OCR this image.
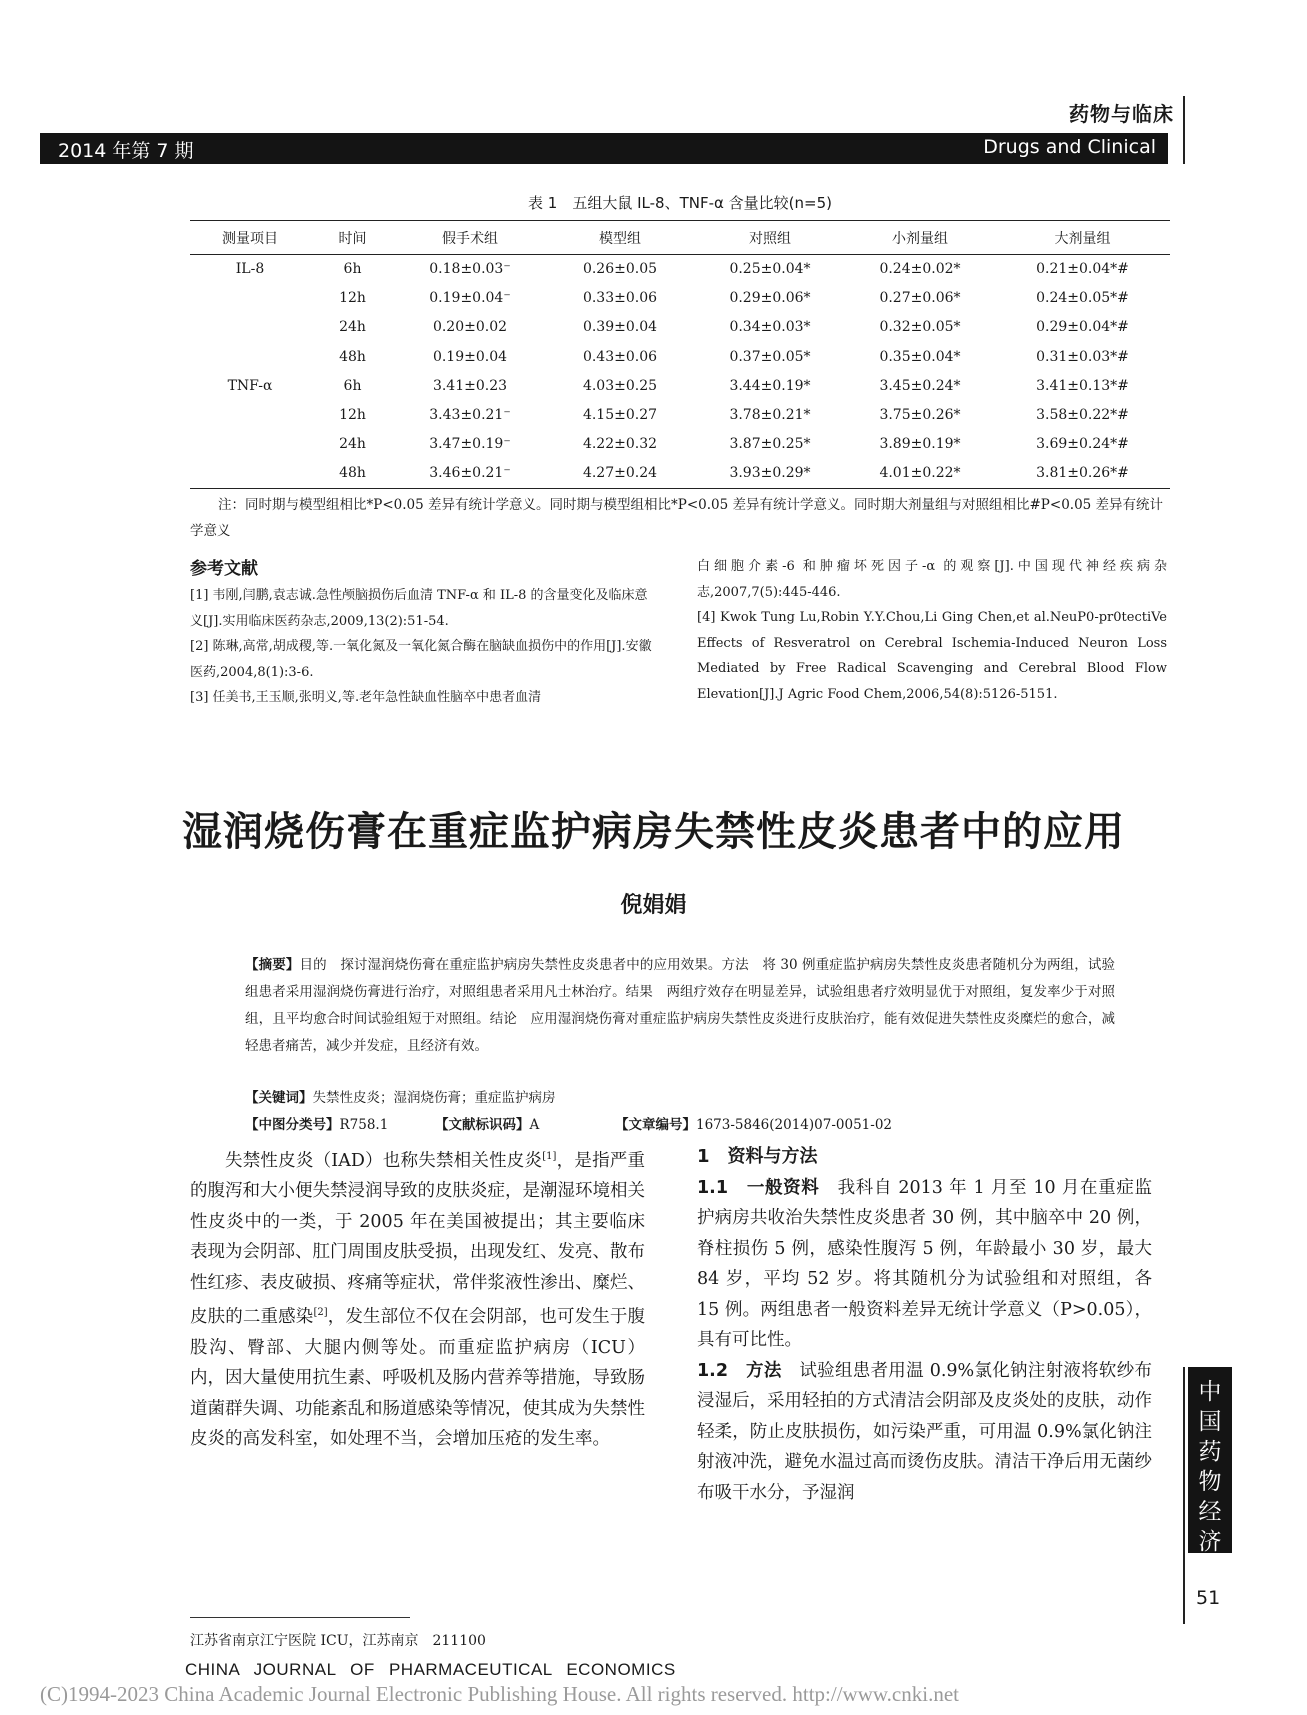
药物与临床
2014 年第 7 期	Drugs and Clinical
表 1　五组大鼠 IL-8、TNF-α 含量比较(n=5)
测量项目	时间	假手术组	模型组	对照组	小剂量组	大剂量组
IL-8	6h	0.18±0.03⁻	0.26±0.05	0.25±0.04*	0.24±0.02*	0.21±0.04*#
	12h	0.19±0.04⁻	0.33±0.06	0.29±0.06*	0.27±0.06*	0.24±0.05*#
	24h	0.20±0.02	0.39±0.04	0.34±0.03*	0.32±0.05*	0.29±0.04*#
	48h	0.19±0.04	0.43±0.06	0.37±0.05*	0.35±0.04*	0.31±0.03*#
TNF-α	6h	3.41±0.23	4.03±0.25	3.44±0.19*	3.45±0.24*	3.41±0.13*#
	12h	3.43±0.21⁻	4.15±0.27	3.78±0.21*	3.75±0.26*	3.58±0.22*#
	24h	3.47±0.19⁻	4.22±0.32	3.87±0.25*	3.89±0.19*	3.69±0.24*#
	48h	3.46±0.21⁻	4.27±0.24	3.93±0.29*	4.01±0.22*	3.81±0.26*#
注：同时期与模型组相比*P<0.05 差异有统计学意义。同时期与模型组相比*P<0.05 差异有统计学意义。同时期大剂量组与对照组相比#P<0.05 差异有统计学意义
参考文献
[1] 韦刚,闫鹏,袁志诚.急性颅脑损伤后血清 TNF-α 和 IL-8 的含量变化及临床意义[J].实用临床医药杂志,2009,13(2):51-54.
[2] 陈琳,高常,胡成稷,等.一氧化氮及一氧化氮合酶在脑缺血损伤中的作用[J].安徽医药,2004,8(1):3-6.
[3] 任美书,王玉顺,张明义,等.老年急性缺血性脑卒中患者血清
白细胞介素-6 和肿瘤坏死因子-α 的观察[J].中国现代神经疾病杂志,2007,7(5):445-446.
[4] Kwok Tung Lu,Robin Y.Y.Chou,Li Ging Chen,et al.NeuP0-pr0tectiVe Effects of Resveratrol on Cerebral Ischemia-Induced Neuron Loss Mediated by Free Radical Scavenging and Cerebral Blood Flow Elevation[J].J Agric Food Chem,2006,54(8):5126-5151.
湿润烧伤膏在重症监护病房失禁性皮炎患者中的应用
倪娟娟
【摘要】目的　探讨湿润烧伤膏在重症监护病房失禁性皮炎患者中的应用效果。方法　将 30 例重症监护病房失禁性皮炎患者随机分为两组，试验组患者采用湿润烧伤膏进行治疗，对照组患者采用凡士林治疗。结果　两组疗效存在明显差异，试验组患者疗效明显优于对照组，复发率少于对照组，且平均愈合时间试验组短于对照组。结论　应用湿润烧伤膏对重症监护病房失禁性皮炎进行皮肤治疗，能有效促进失禁性皮炎糜烂的愈合，减轻患者痛苦，减少并发症，且经济有效。
【关键词】失禁性皮炎；湿润烧伤膏；重症监护病房
【中图分类号】R758.1	【文献标识码】A	【文章编号】1673-5846(2014)07-0051-02

失禁性皮炎（IAD）也称失禁相关性皮炎[1]，是指严重的腹泻和大小便失禁浸润导致的皮肤炎症，是潮湿环境相关性皮炎中的一类，于 2005 年在美国被提出；其主要临床表现为会阴部、肛门周围皮肤受损，出现发红、发亮、散布性红疹、表皮破损、疼痛等症状，常伴浆液性渗出、糜烂、皮肤的二重感染[2]，发生部位不仅在会阴部，也可发生于腹股沟、臀部、大腿内侧等处。而重症监护病房（ICU）内，因大量使用抗生素、呼吸机及肠内营养等措施，导致肠道菌群失调、功能紊乱和肠道感染等情况，使其成为失禁性皮炎的高发科室，如处理不当，会增加压疮的发生率。

1　资料与方法
1.1　一般资料　我科自 2013 年 1 月至 10 月在重症监护病房共收治失禁性皮炎患者 30 例，其中脑卒中 20 例，脊柱损伤 5 例，感染性腹泻 5 例，年龄最小 30 岁，最大 84 岁，平均 52 岁。将其随机分为试验组和对照组，各 15 例。两组患者一般资料差异无统计学意义（P>0.05），具有可比性。
1.2　方法　试验组患者用温 0.9%氯化钠注射液将软纱布浸湿后，采用轻拍的方式清洁会阴部及皮炎处的皮肤，动作轻柔，防止皮肤损伤，如污染严重，可用温 0.9%氯化钠注射液冲洗，避免水温过高而烫伤皮肤。清洁干净后用无菌纱布吸干水分，予湿润
江苏省南京江宁医院 ICU，江苏南京　211100
中国药物经济学
51
CHINA JOURNAL OF PHARMACEUTICAL ECONOMICS
(C)1994-2023 China Academic Journal Electronic Publishing House. All rights reserved. http://www.cnki.net
